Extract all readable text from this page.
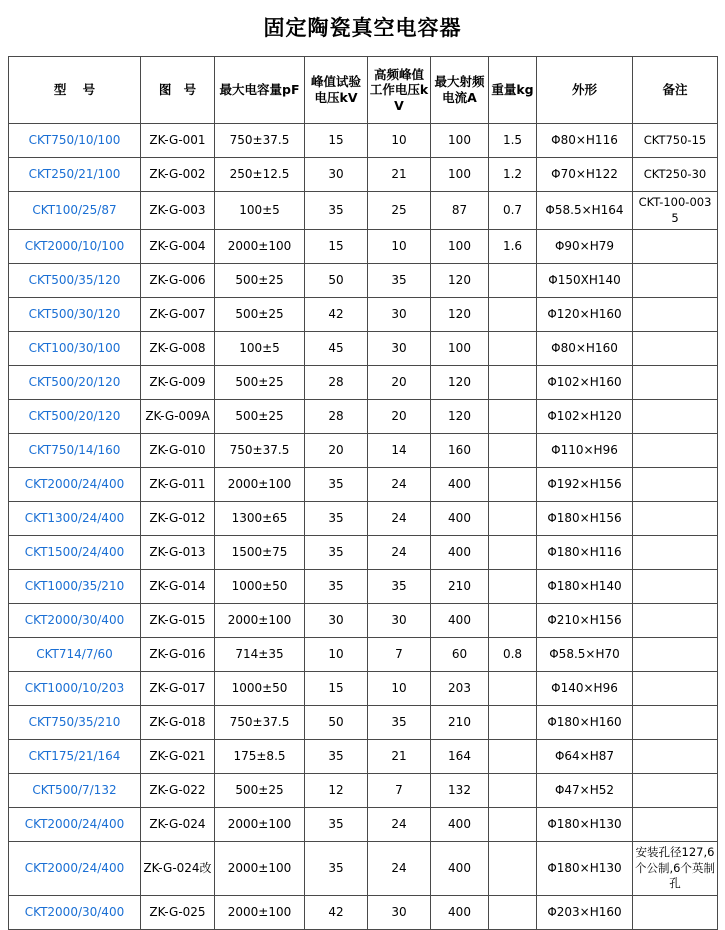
固定陶瓷真空电容器
型 号	图 号	最大电容量pF	峰值试验电压kV	高频峰值工作电压kV	最大射频电流A	重量kg	外形	备注
CKT750/10/100	ZK-G-001	750±37.5	15	10	100	1.5	Φ80×H116	CKT750-15
CKT250/21/100	ZK-G-002	250±12.5	30	21	100	1.2	Φ70×H122	CKT250-30
CKT100/25/87	ZK-G-003	100±5	35	25	87	0.7	Φ58.5×H164	CKT-100-0035
CKT2000/10/100	ZK-G-004	2000±100	15	10	100	1.6	Φ90×H79	
CKT500/35/120	ZK-G-006	500±25	50	35	120		Φ150XH140	
CKT500/30/120	ZK-G-007	500±25	42	30	120		Φ120×H160	
CKT100/30/100	ZK-G-008	100±5	45	30	100		Φ80×H160	
CKT500/20/120	ZK-G-009	500±25	28	20	120		Φ102×H160	
CKT500/20/120	ZK-G-009A	500±25	28	20	120		Φ102×H120	
CKT750/14/160	ZK-G-010	750±37.5	20	14	160		Φ110×H96	
CKT2000/24/400	ZK-G-011	2000±100	35	24	400		Φ192×H156	
CKT1300/24/400	ZK-G-012	1300±65	35	24	400		Φ180×H156	
CKT1500/24/400	ZK-G-013	1500±75	35	24	400		Φ180×H116	
CKT1000/35/210	ZK-G-014	1000±50	35	35	210		Φ180×H140	
CKT2000/30/400	ZK-G-015	2000±100	30	30	400		Φ210×H156	
CKT714/7/60	ZK-G-016	714±35	10	7	60	0.8	Φ58.5×H70	
CKT1000/10/203	ZK-G-017	1000±50	15	10	203		Φ140×H96	
CKT750/35/210	ZK-G-018	750±37.5	50	35	210		Φ180×H160	
CKT175/21/164	ZK-G-021	175±8.5	35	21	164		Φ64×H87	
CKT500/7/132	ZK-G-022	500±25	12	7	132		Φ47×H52	
CKT2000/24/400	ZK-G-024	2000±100	35	24	400		Φ180×H130	
CKT2000/24/400	ZK-G-024改	2000±100	35	24	400		Φ180×H130	安装孔径127,6个公制,6个英制孔
CKT2000/30/400	ZK-G-025	2000±100	42	30	400		Φ203×H160	
